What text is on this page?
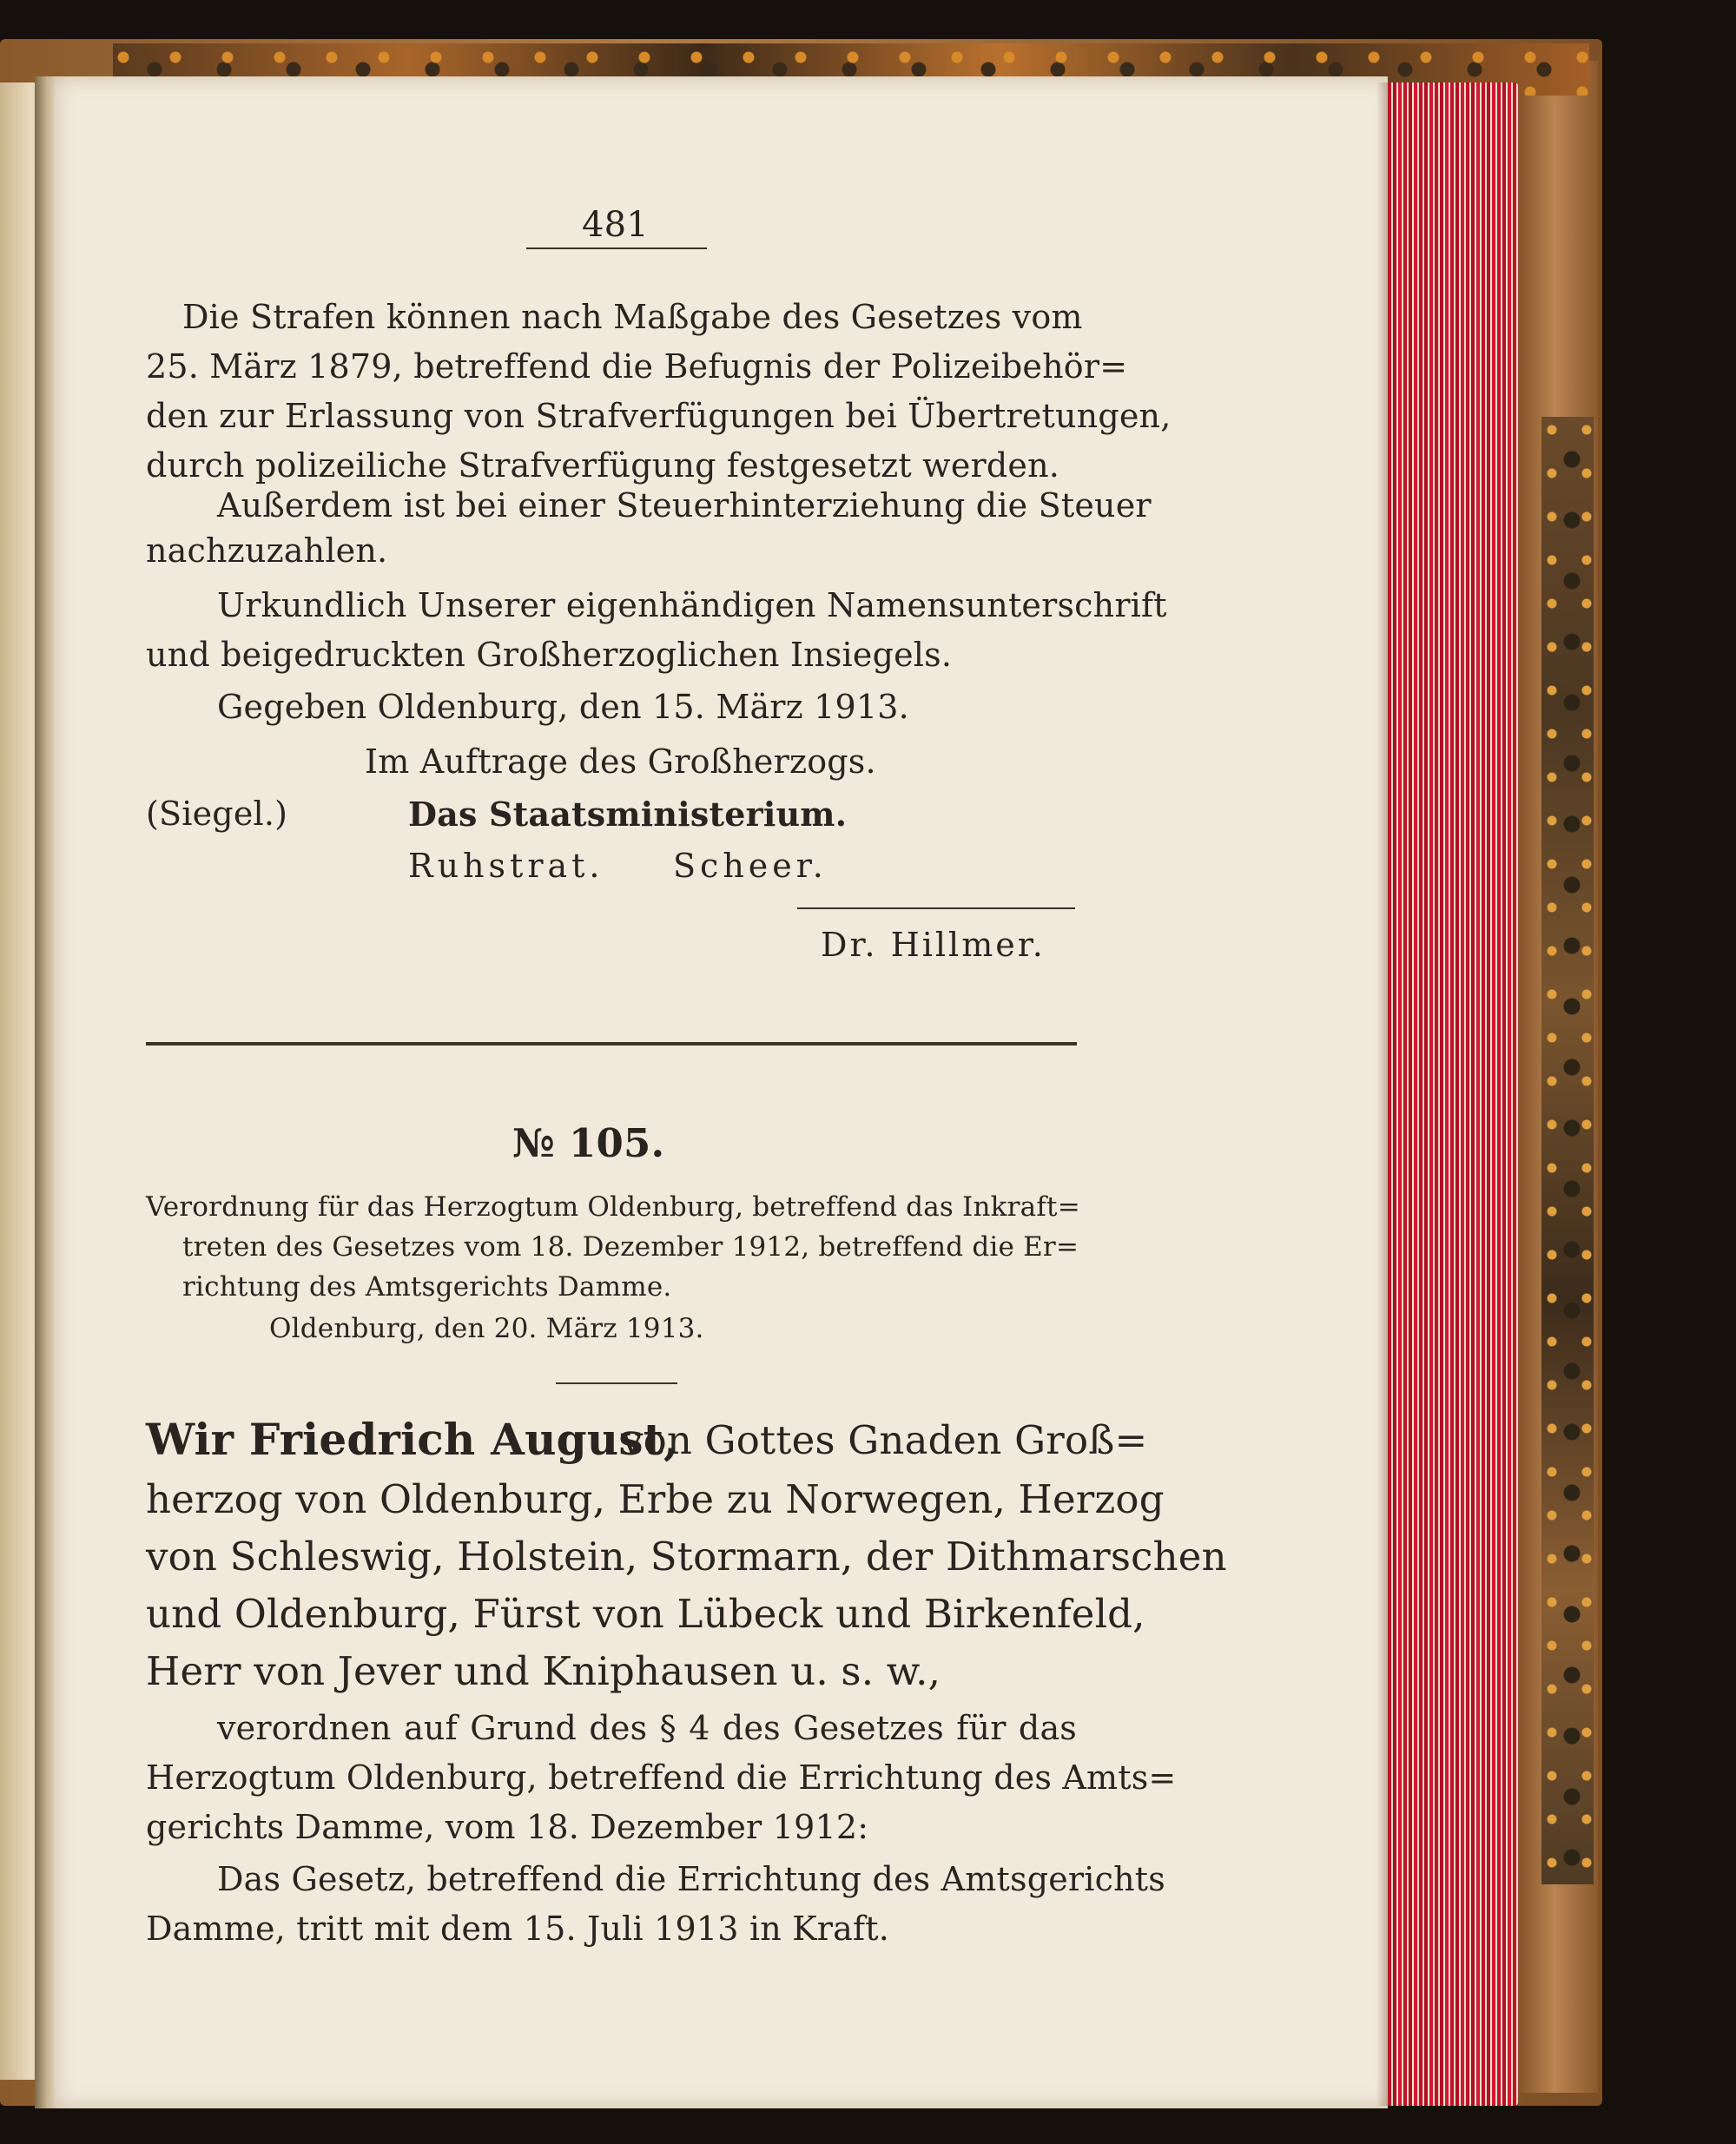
481
Die Strafen können nach Maßgabe des Gesetzes vom
25. März 1879, betreffend die Befugnis der Polizeibehör=
den zur Erlassung von Strafverfügungen bei Übertretungen,
durch polizeiliche Strafverfügung festgesetzt werden.
Außerdem ist bei einer Steuerhinterziehung die Steuer
nachzuzahlen.
Urkundlich Unserer eigenhändigen Namensunterschrift
und beigedruckten Großherzoglichen Insiegels.
Gegeben Oldenburg, den 15. März 1913.
Im Auftrage des Großherzogs.
(Siegel.)	Das Staatsministerium.
Ruhstrat. Scheer.
Dr. Hillmer.
№ 105.
Verordnung für das Herzogtum Oldenburg, betreffend das Inkraft=
treten des Gesetzes vom 18. Dezember 1912, betreffend die Er=
richtung des Amtsgerichts Damme.
Oldenburg, den 20. März 1913.
Wir Friedrich August,
von Gottes Gnaden Groß=
herzog von Oldenburg, Erbe zu Norwegen, Herzog
von Schleswig, Holstein, Stormarn, der Dithmarschen
und Oldenburg, Fürst von Lübeck und Birkenfeld,
Herr von Jever und Kniphausen u. s. w.,
verordnen auf Grund des § 4 des Gesetzes für das
Herzogtum Oldenburg, betreffend die Errichtung des Amts=
gerichts Damme, vom 18. Dezember 1912:
Das Gesetz, betreffend die Errichtung des Amtsgerichts
Damme, tritt mit dem 15. Juli 1913 in Kraft.
